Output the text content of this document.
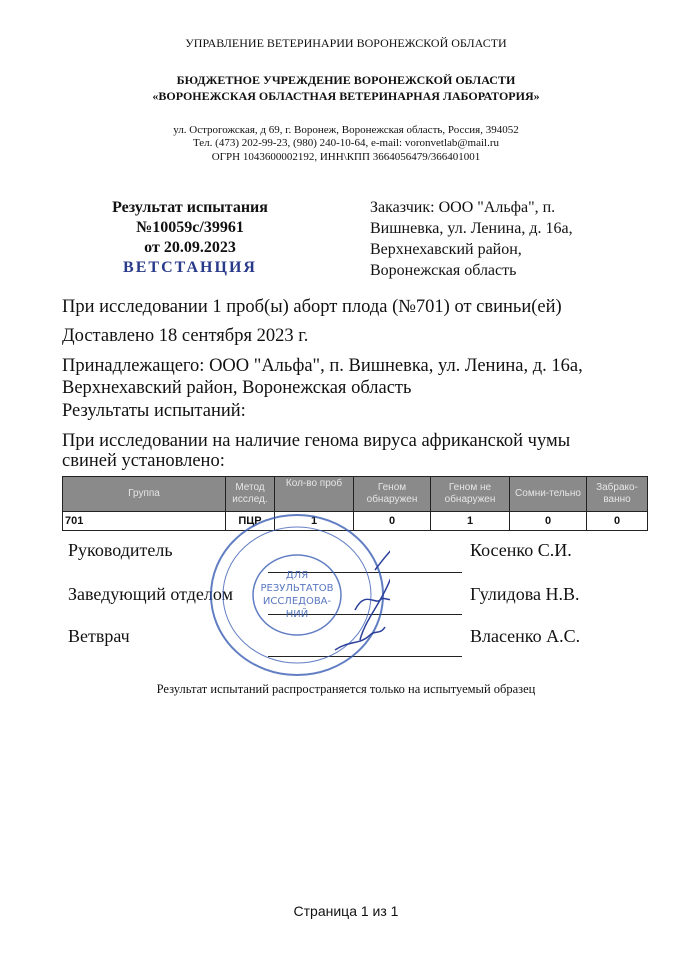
УПРАВЛЕНИЕ ВЕТЕРИНАРИИ ВОРОНЕЖСКОЙ ОБЛАСТИ
БЮДЖЕТНОЕ УЧРЕЖДЕНИЕ ВОРОНЕЖСКОЙ ОБЛАСТИ
«ВОРОНЕЖСКАЯ ОБЛАСТНАЯ ВЕТЕРИНАРНАЯ ЛАБОРАТОРИЯ»
ул. Острогожская, д 69, г. Воронеж, Воронежская область, Россия, 394052
Тел. (473) 202-99-23, (980) 240-10-64, e-mail: voronvetlab@mail.ru
ОГРН 1043600002192, ИНН\КПП 3664056479/366401001
Результат испытания
№10059с/39961
от 20.09.2023
ВЕТСТАНЦИЯ
Заказчик: ООО "Альфа", п.
Вишневка, ул. Ленина, д. 16а,
Верхнехавский район,
Воронежская область
При исследовании 1 проб(ы) аборт плода (№701) от свиньи(ей)
Доставлено 18 сентября 2023 г.
Принадлежащего: ООО "Альфа", п. Вишневка, ул. Ленина, д. 16а,
Верхнехавский район, Воронежская область
Результаты испытаний:
При исследовании на наличие генома вируса африканской чумы
свиней установлено:
Группа	Метод исслед.	Кол-во проб	Геном обнаружен	Геном не обнаружен	Сомни-тельно	Забрако-ванно
701	ПЦР	1	0	1	0	0
Руководитель	Косенко С.И.
Заведующий отделом	Гулидова Н.В.
Ветврач	Власенко А.С.
ДЛЯ
РЕЗУЛЬТАТОВ
ИССЛЕДОВА-
НИЙ
Результат испытаний распространяется только на испытуемый образец
Страница 1 из 1
